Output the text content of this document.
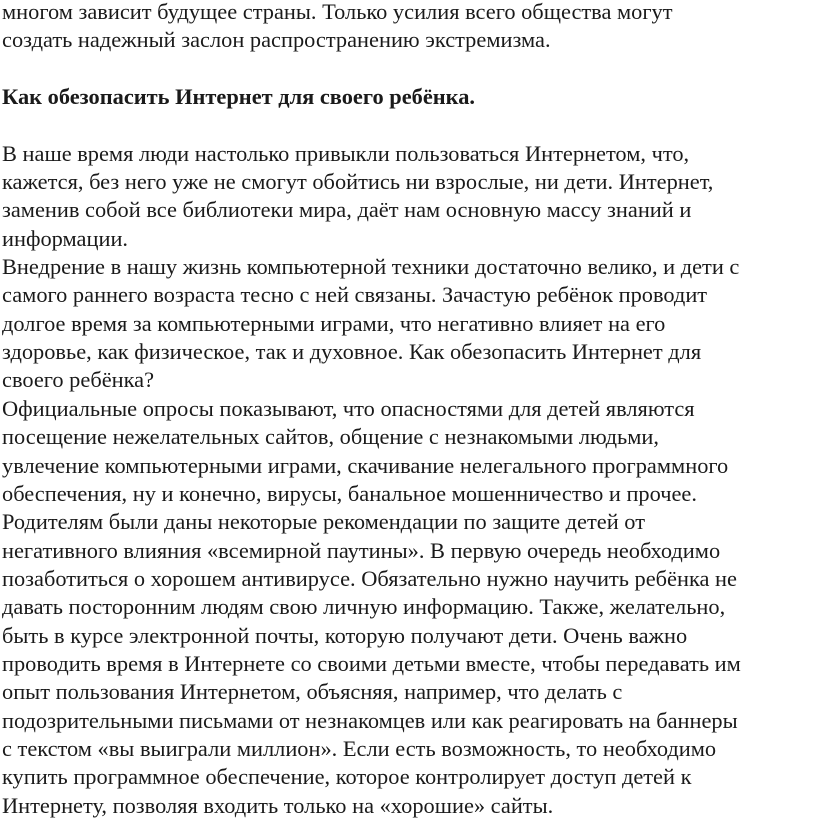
многом зависит будущее страны. Только усилия всего общества могут
создать надежный заслон распространению экстремизма.
Как обезопасить Интернет для своего ребёнка.
В наше время люди настолько привыкли пользоваться Интернетом, что,
кажется, без него уже не смогут обойтись ни взрослые, ни дети. Интернет,
заменив собой все библиотеки мира, даёт нам основную массу знаний и
информации.
Внедрение в нашу жизнь компьютерной техники достаточно велико, и дети с
самого раннего возраста тесно с ней связаны. Зачастую ребёнок проводит
долгое время за компьютерными играми, что негативно влияет на его
здоровье, как физическое, так и духовное. Как обезопасить Интернет для
своего ребёнка?
Официальные опросы показывают, что опасностями для детей являются
посещение нежелательных сайтов, общение с незнакомыми людьми,
увлечение компьютерными играми, скачивание нелегального программного
обеспечения, ну и конечно, вирусы, банальное мошенничество и прочее.
Родителям были даны некоторые рекомендации по защите детей от
негативного влияния «всемирной паутины». В первую очередь необходимо
позаботиться о хорошем антивирусе. Обязательно нужно научить ребёнка не
давать посторонним людям свою личную информацию. Также, желательно,
быть в курсе электронной почты, которую получают дети. Очень важно
проводить время в Интернете со своими детьми вместе, чтобы передавать им
опыт пользования Интернетом, объясняя, например, что делать с
подозрительными письмами от незнакомцев или как реагировать на баннеры
с текстом «вы выиграли миллион». Если есть возможность, то необходимо
купить программное обеспечение, которое контролирует доступ детей к
Интернету, позволяя входить только на «хорошие» сайты.
